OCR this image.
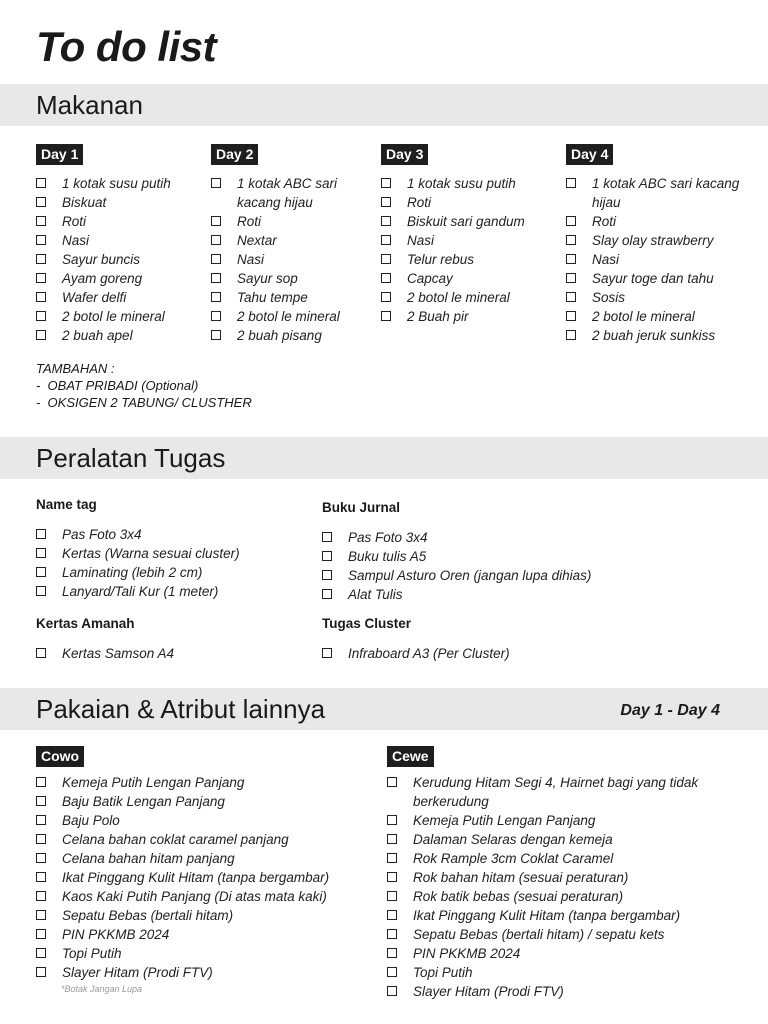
To do list
Makanan
Day 1
1 kotak susu putih
Biskuat
Roti
Nasi
Sayur buncis
Ayam goreng
Wafer delfi
2 botol le mineral
2 buah apel
Day 2
1 kotak ABC sari kacang hijau
Roti
Nextar
Nasi
Sayur sop
Tahu tempe
2 botol le mineral
2 buah pisang
Day 3
1 kotak susu putih
Roti
Biskuit sari gandum
Nasi
Telur rebus
Capcay
2 botol le mineral
2 Buah pir
Day 4
1 kotak ABC sari kacang hijau
Roti
Slay olay strawberry
Nasi
Sayur toge dan tahu
Sosis
2 botol le mineral
2 buah jeruk sunkiss
TAMBAHAN :
-  OBAT PRIBADI (Optional)
-  OKSIGEN 2 TABUNG/ CLUSTHER
Peralatan Tugas
Name tag
Pas Foto 3x4
Kertas (Warna sesuai cluster)
Laminating (lebih 2 cm)
Lanyard/Tali Kur (1 meter)
Buku Jurnal
Pas Foto 3x4
Buku tulis A5
Sampul Asturo Oren (jangan lupa dihias)
Alat Tulis
Kertas Amanah
Kertas Samson A4
Tugas Cluster
Infraboard A3 (Per Cluster)
Pakaian & Atribut lainnya	Day 1 - Day 4
Cowo
Kemeja Putih Lengan Panjang
Baju Batik Lengan Panjang
Baju Polo
Celana bahan coklat caramel panjang
Celana bahan hitam panjang
Ikat Pinggang Kulit Hitam (tanpa bergambar)
Kaos Kaki Putih Panjang (Di atas mata kaki)
Sepatu Bebas (bertali hitam)
PIN PKKMB 2024
Topi Putih
Slayer Hitam (Prodi FTV)
Cewe
Kerudung Hitam Segi 4, Hairnet bagi yang tidak berkerudung
Kemeja Putih Lengan Panjang
Dalaman Selaras dengan kemeja
Rok Rample 3cm Coklat Caramel
Rok bahan hitam (sesuai peraturan)
Rok batik bebas (sesuai peraturan)
Ikat Pinggang Kulit Hitam (tanpa bergambar)
Sepatu Bebas (bertali hitam) / sepatu kets
PIN PKKMB 2024
Topi Putih
Slayer Hitam (Prodi FTV)
*Botak Jangan Lupa
